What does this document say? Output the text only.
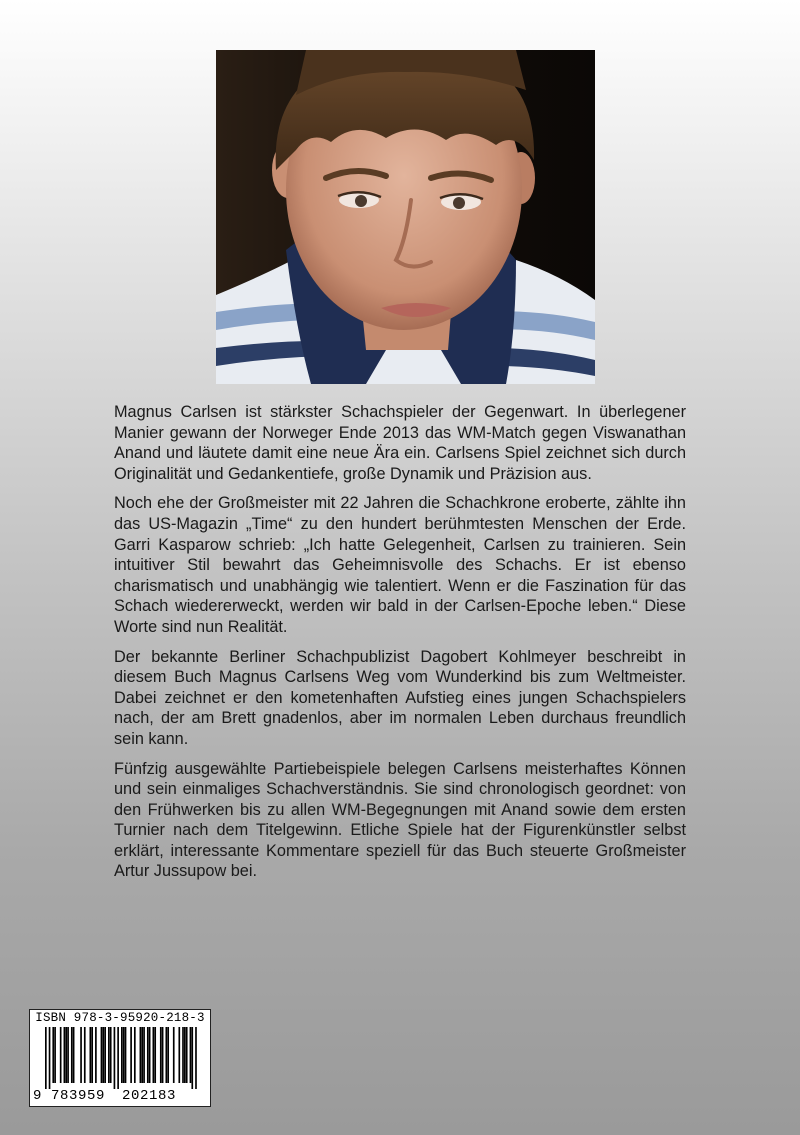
Magnus Carlsen ist stärkster Schachspieler der Gegenwart. In überlegener Manier gewann der Norweger Ende 2013 das WM-Match gegen Viswanathan Anand und läutete damit eine neue Ära ein. Carlsens Spiel zeichnet sich durch Originalität und Gedankentiefe, große Dynamik und Präzision aus.

Noch ehe der Großmeister mit 22 Jahren die Schachkrone eroberte, zählte ihn das US-Magazin „Time“ zu den hundert berühmtesten Menschen der Erde. Garri Kasparow schrieb: „Ich hatte Gelegenheit, Carlsen zu trainieren. Sein intuitiver Stil bewahrt das Geheimnisvolle des Schachs. Er ist ebenso charismatisch und unabhängig wie talentiert. Wenn er die Faszination für das Schach wiedererweckt, werden wir bald in der Carlsen-Epoche leben.“ Diese Worte sind nun Realität.

Der bekannte Berliner Schachpublizist Dagobert Kohlmeyer beschreibt in diesem Buch Magnus Carlsens Weg vom Wunderkind bis zum Weltmeister. Dabei zeichnet er den kometenhaften Aufstieg eines jungen Schachspielers nach, der am Brett gnadenlos, aber im normalen Leben durchaus freundlich sein kann.

Fünfzig ausgewählte Partiebeispiele belegen Carlsens meisterhaftes Können und sein einmaliges Schachverständnis. Sie sind chronologisch geordnet: von den Frühwerken bis zu allen WM-Begegnungen mit Anand sowie dem ersten Turnier nach dem Titelgewinn. Etliche Spiele hat der Figurenkünstler selbst erklärt, interessante Kommentare speziell für das Buch steuerte Großmeister Artur Jussupow bei.

ISBN 978-3-95920-218-3
9 783959 202183
